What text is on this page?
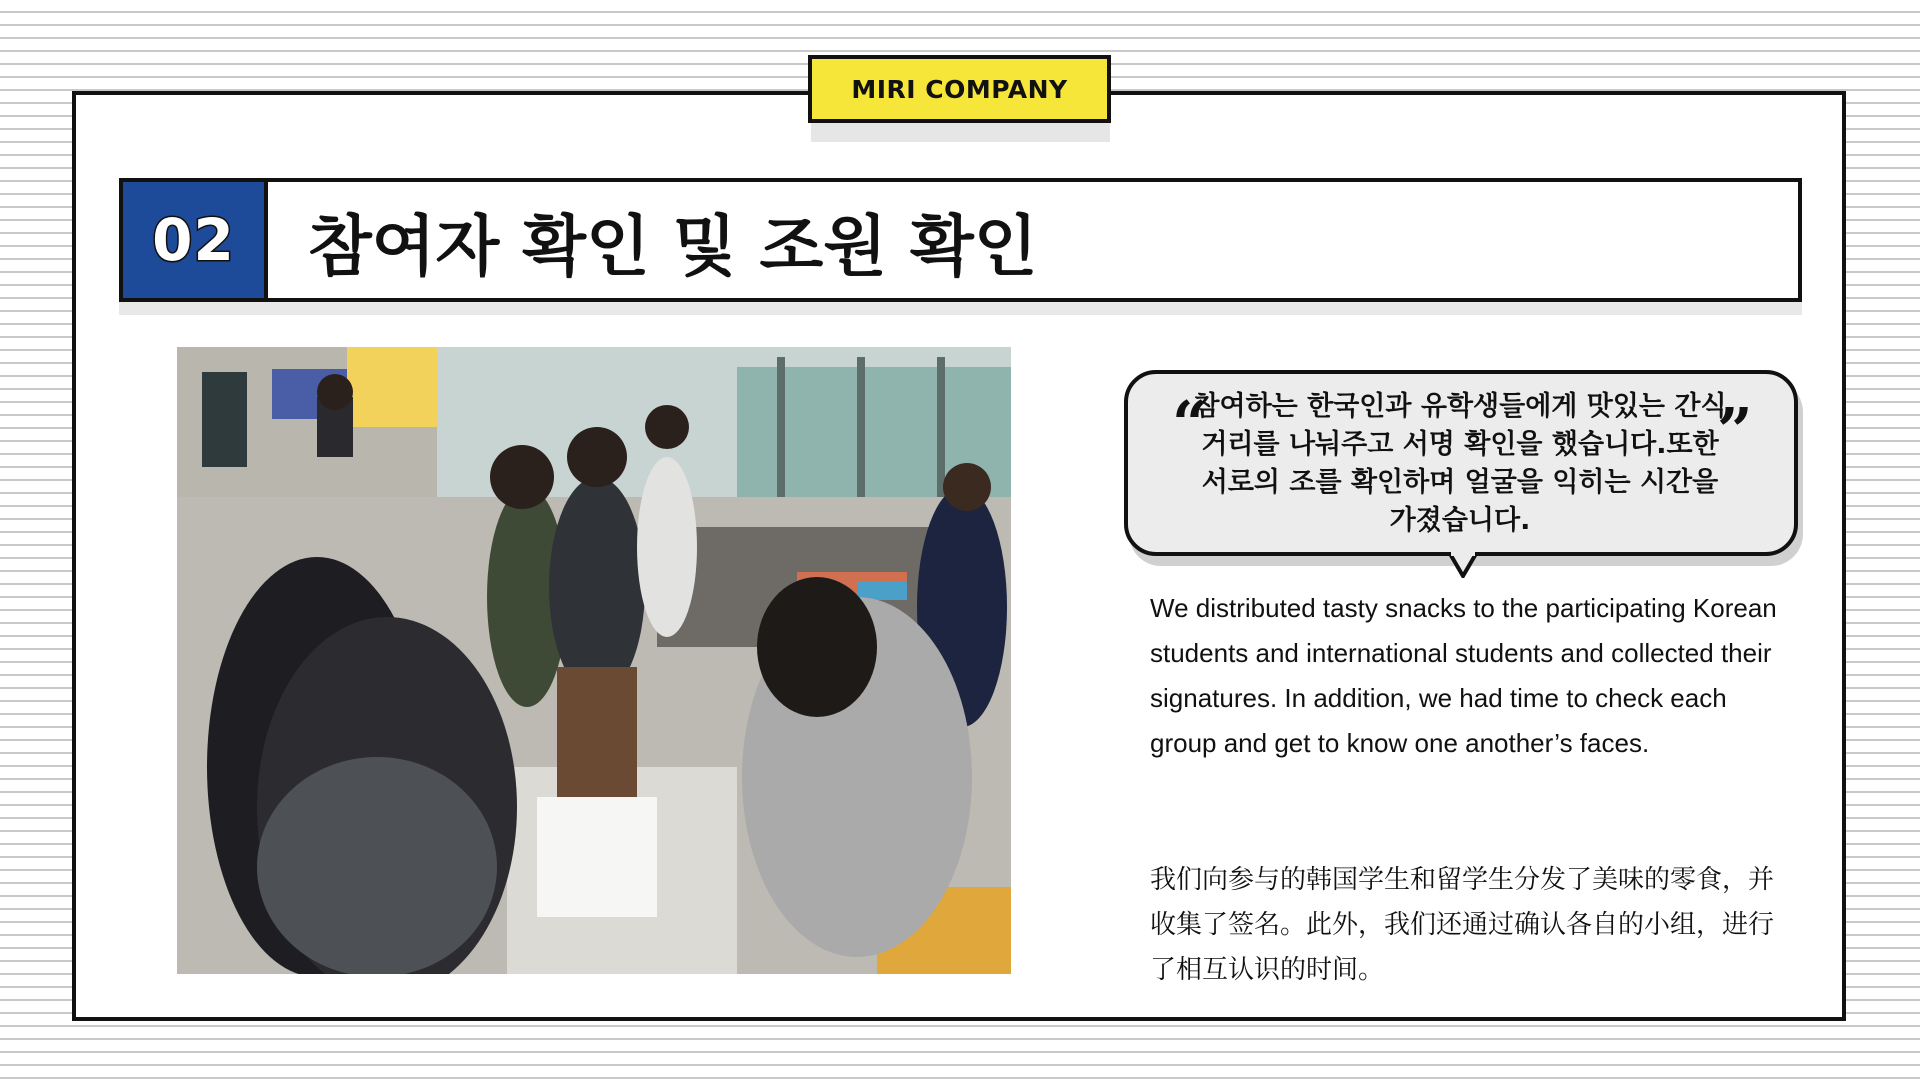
MIRI COMPANY
02	참여자 확인 및 조원 확인
“	”
참여하는 한국인과 유학생들에게 맛있는 간식 거리를 나눠주고 서명 확인을 했습니다.또한 서로의 조를 확인하며 얼굴을 익히는 시간을 가졌습니다.
We distributed tasty snacks to the participating Korean students and international students and collected their signatures. In addition, we had time to check each group and get to know one another’s faces.
我们向参与的韩国学生和留学生分发了美味的零食，并收集了签名。此外，我们还通过确认各自的小组，进行了相互认识的时间。
